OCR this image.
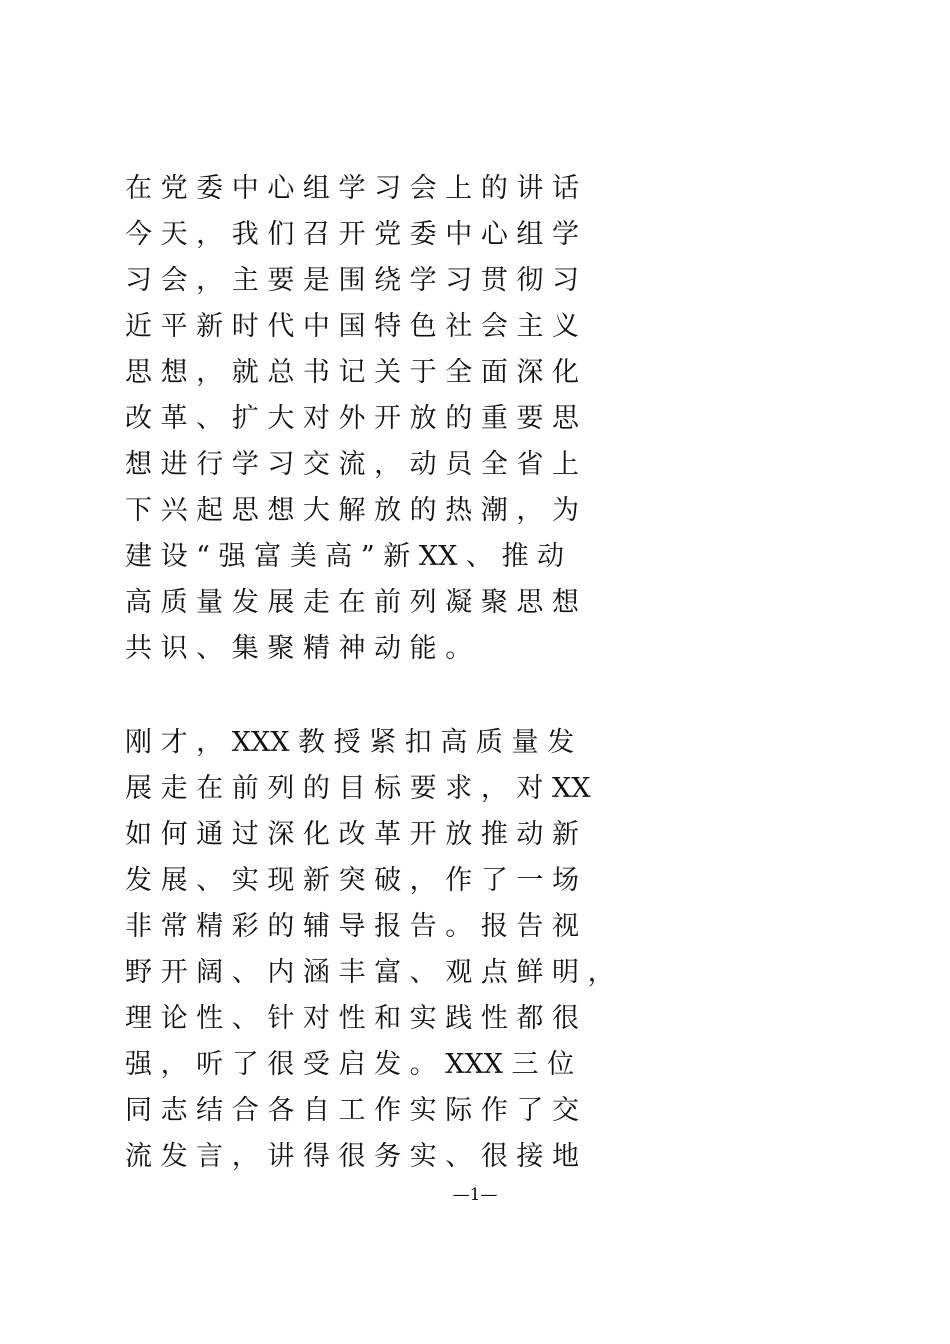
在 党 委 中 心 组 学 习 会 上 的 讲 话
今 天 ， 我 们 召 开 党 委 中 心 组 学
习 会 ， 主 要 是 围 绕 学 习 贯 彻 习
近 平 新 时 代 中 国 特 色 社 会 主 义
思 想 ， 就 总 书 记 关 于 全 面 深 化
改 革 、 扩 大 对 外 开 放 的 重 要 思
想 进 行 学 习 交 流 ， 动 员 全 省 上
下 兴 起 思 想 大 解 放 的 热 潮 ， 为
建 设 “ 强 富 美 高 ” 新 XX 、 推 动
高 质 量 发 展 走 在 前 列 凝 聚 思 想
共 识 、 集 聚 精 神 动 能 。
刚 才 ， XXX 教 授 紧 扣 高 质 量 发
展 走 在 前 列 的 目 标 要 求 ， 对 XX
如 何 通 过 深 化 改 革 开 放 推 动 新
发 展 、 实 现 新 突 破 ， 作 了 一 场
非 常 精 彩 的 辅 导 报 告 。 报 告 视
野 开 阔 、 内 涵 丰 富 、 观 点 鲜 明 ，
理 论 性 、 针 对 性 和 实 践 性 都 很
强 ， 听 了 很 受 启 发 。 XXX 三 位
同 志 结 合 各 自 工 作 实 际 作 了 交
流 发 言 ， 讲 得 很 务 实 、 很 接 地
—1—
